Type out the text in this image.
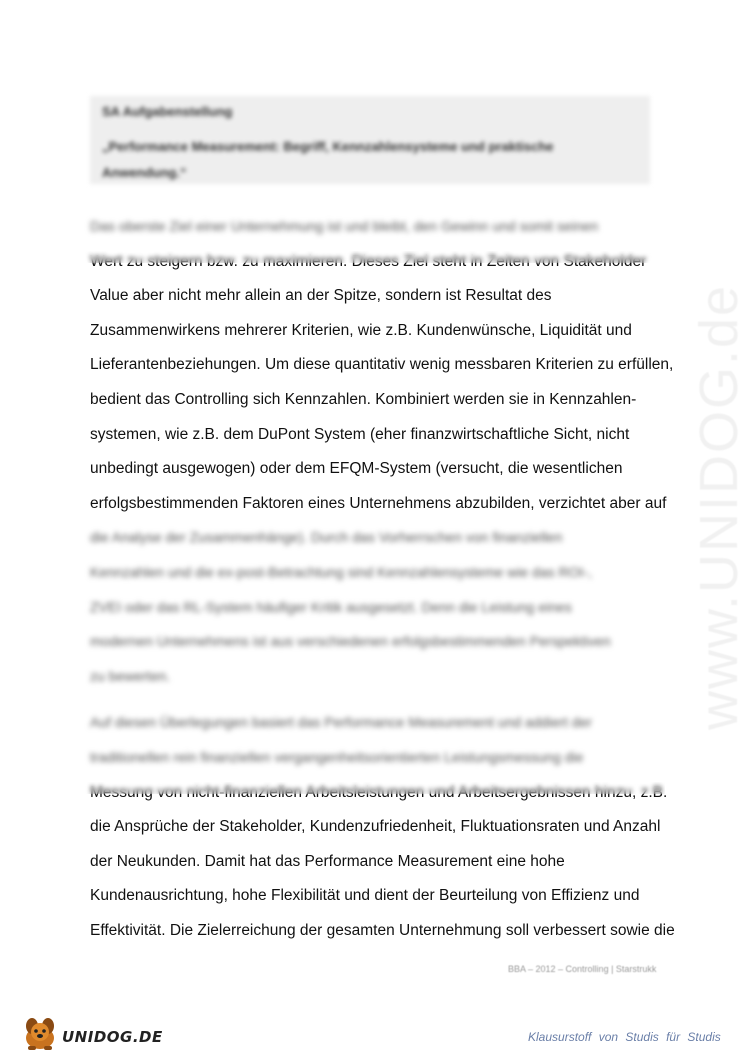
SA Aufgabenstellung
„Performance Measurement: Begriff, Kennzahlensysteme und praktische Anwendung.“
Das oberste Ziel einer Unternehmung ist und bleibt, den Gewinn und somit seinen
Wert zu steigern bzw. zu maximieren. Dieses Ziel steht in Zeiten von Stakeholder
Value aber nicht mehr allein an der Spitze, sondern ist Resultat des
Zusammenwirkens mehrerer Kriterien, wie z.B. Kundenwünsche, Liquidität und
Lieferantenbeziehungen. Um diese quantitativ wenig messbaren Kriterien zu erfüllen,
bedient das Controlling sich Kennzahlen. Kombiniert werden sie in Kennzahlen-
systemen, wie z.B. dem DuPont System (eher finanzwirtschaftliche Sicht, nicht
unbedingt ausgewogen) oder dem EFQM-System (versucht, die wesentlichen
erfolgsbestimmenden Faktoren eines Unternehmens abzubilden, verzichtet aber auf
die Analyse der Zusammenhänge). Durch das Vorherrschen von finanziellen
Kennzahlen und die ex-post-Betrachtung sind Kennzahlensysteme wie das ROI-,
ZVEI oder das RL-System häufiger Kritik ausgesetzt. Denn die Leistung eines
modernen Unternehmens ist aus verschiedenen erfolgsbestimmenden Perspektiven
zu bewerten.
Auf diesen Überlegungen basiert das Performance Measurement und addiert der
traditionellen rein finanziellen vergangenheitsorientierten Leistungsmessung die
Messung von nicht-finanziellen Arbeitsleistungen und Arbeitsergebnissen hinzu, z.B.
die Ansprüche der Stakeholder, Kundenzufriedenheit, Fluktuationsraten und Anzahl
der Neukunden. Damit hat das Performance Measurement eine hohe
Kundenausrichtung, hohe Flexibilität und dient der Beurteilung von Effizienz und
Effektivität. Die Zielerreichung der gesamten Unternehmung soll verbessert sowie die
www.UNIDOG.de
BBA – 2012 – Controlling | Starstrukk
UNIDOG.DE	Klausurstoff von Studis für Studis
